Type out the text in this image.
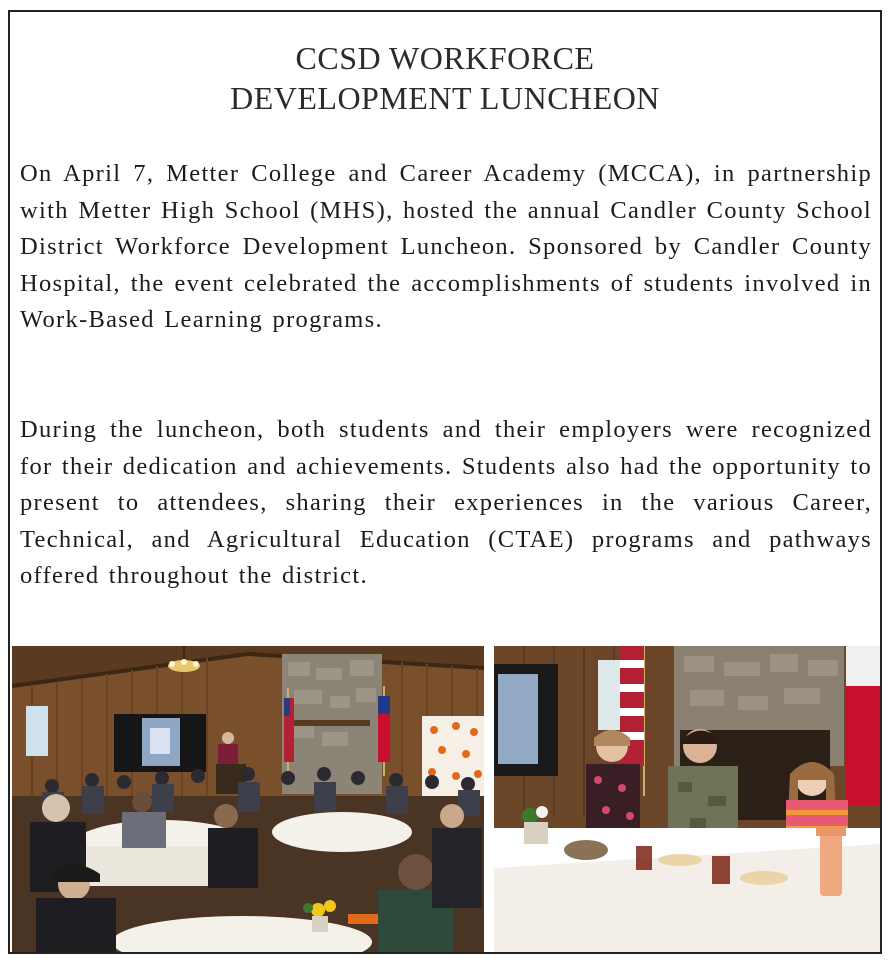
CCSD WORKFORCE
DEVELOPMENT LUNCHEON

On April 7, Metter College and Career Academy (MCCA), in partnership with Metter High School (MHS), hosted the annual Candler County School District Workforce Development Luncheon. Sponsored by Candler County Hospital, the event celebrated the accomplishments of students involved in Work-Based Learning programs.

During the luncheon, both students and their employers were recognized for their dedication and achievements. Students also had the opportunity to present to attendees, sharing their experiences in the various Career, Technical, and Agricultural Education (CTAE) programs and pathways offered throughout the district.
